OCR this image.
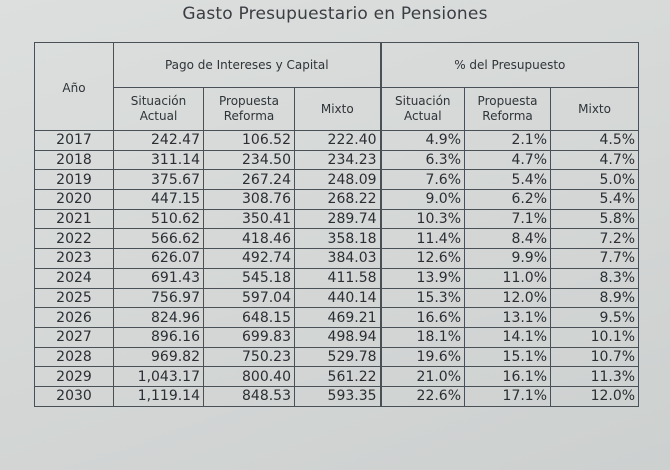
Gasto Presupuestario en Pensiones
Año	Pago de Intereses y Capital			% del Presupuesto		
	Situación Actual	Propuesta Reforma	Mixto	Situación Actual	Propuesta Reforma	Mixto
2017	242.47	106.52	222.40	4.9%	2.1%	4.5%
2018	311.14	234.50	234.23	6.3%	4.7%	4.7%
2019	375.67	267.24	248.09	7.6%	5.4%	5.0%
2020	447.15	308.76	268.22	9.0%	6.2%	5.4%
2021	510.62	350.41	289.74	10.3%	7.1%	5.8%
2022	566.62	418.46	358.18	11.4%	8.4%	7.2%
2023	626.07	492.74	384.03	12.6%	9.9%	7.7%
2024	691.43	545.18	411.58	13.9%	11.0%	8.3%
2025	756.97	597.04	440.14	15.3%	12.0%	8.9%
2026	824.96	648.15	469.21	16.6%	13.1%	9.5%
2027	896.16	699.83	498.94	18.1%	14.1%	10.1%
2028	969.82	750.23	529.78	19.6%	15.1%	10.7%
2029	1,043.17	800.40	561.22	21.0%	16.1%	11.3%
2030	1,119.14	848.53	593.35	22.6%	17.1%	12.0%
